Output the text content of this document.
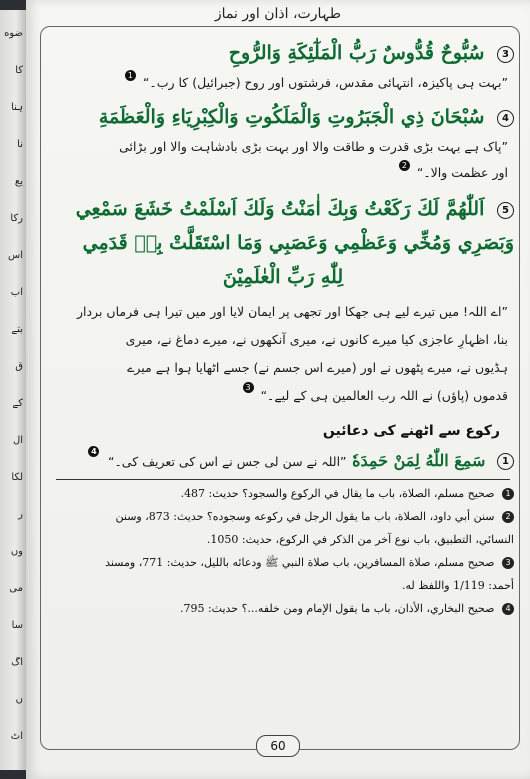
ضوه
کا
ہنا
نا
یع
رکا
اس
اب
بتے
ق
کے
ال
لکا
ر
وں
می
سا
اگ
ں
اٹ
طہارت، اذان اور نماز
3 سُبُّوحٌ قُدُّوسٌ رَبُّ الْمَلٰٓئِكَةِ وَالرُّوحِ
”بہت ہی پاکیزہ، انتہائی مقدس، فرشتوں اور روح (جبرائیل) کا رب۔“ 1
4 سُبْحَانَ ذِي الْجَبَرُوتِ وَالْمَلَكُوتِ وَالْكِبْرِيَاءِ وَالْعَظَمَةِ
”پاک ہے بہت بڑی قدرت و طاقت والا اور بہت بڑی بادشاہت والا اور بڑائی
اور عظمت والا۔“ 2
5 اَللّٰهُمَّ لَكَ رَكَعْتُ وَبِكَ اٰمَنْتُ وَلَكَ اَسْلَمْتُ خَشَعَ سَمْعِي
وَبَصَرِي وَمُخِّي وَعَظْمِي وَعَصَبِي وَمَا اسْتَقَلَّتْ بِهٖ قَدَمِي
لِلّٰهِ رَبِّ الْعٰلَمِيْنَ
”اے اللہ! میں تیرے لیے ہی جھکا اور تجھی پر ایمان لایا اور میں تیرا ہی فرماں بردار
بنا، اظہارِ عاجزی کیا میرے کانوں نے، میری آنکھوں نے، میرے دماغ نے، میری
ہڈیوں نے، میرے پٹھوں نے اور (میرے اس جسم نے) جسے اٹھایا ہوا ہے میرے
قدموں (پاؤں) نے اللہ رب العالمین ہی کے لیے۔“ 3
رکوع سے اٹھنے کی دعائیں
1 سَمِعَ اللّٰهُ لِمَنْ حَمِدَهٗ ”اللہ نے سن لی جس نے اس کی تعریف کی۔“ 4
1 صحیح مسلم، الصلاة، باب ما یقال في الركوع والسجود؟ حديث: 487.
2 سنن أبي داود، الصلاة، باب ما يقول الرجل في ركوعه وسجوده؟ حديث: 873، وسنن
النسائي، التطبيق، باب نوع آخر من الذكر في الركوع، حديث: 1050.
3 صحيح مسلم، صلاة المسافرين، باب صلاة النبي ﷺ ودعائه بالليل، حديث: 771، ومسند
أحمد: 1/119 واللفظ له.
4 صحيح البخاري، الأذان، باب ما يقول الإمام ومن خلفه...؟ حديث: 795.
60
